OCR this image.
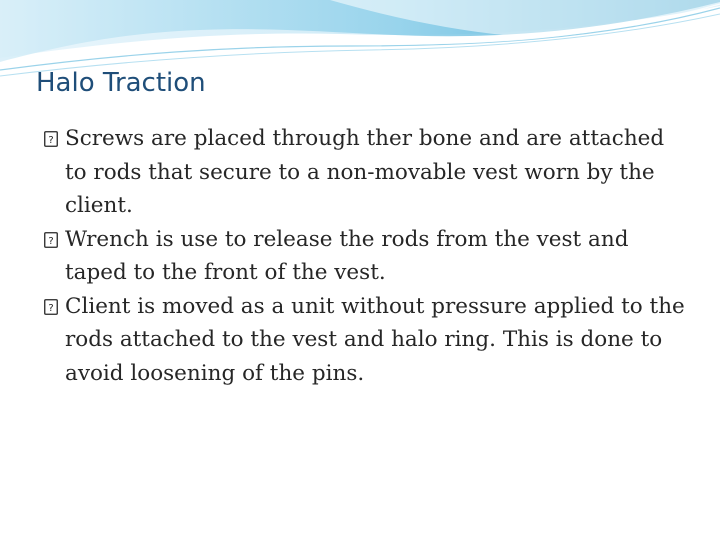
Halo Traction
? Screws are placed through ther bone and are attached to rods that secure to a non-movable vest worn by the client.

? Wrench is use to release the rods from the vest and taped to the front of the vest.

? Client is moved as a unit without pressure applied to the rods attached to the vest and halo ring. This is done to avoid loosening of the pins.
